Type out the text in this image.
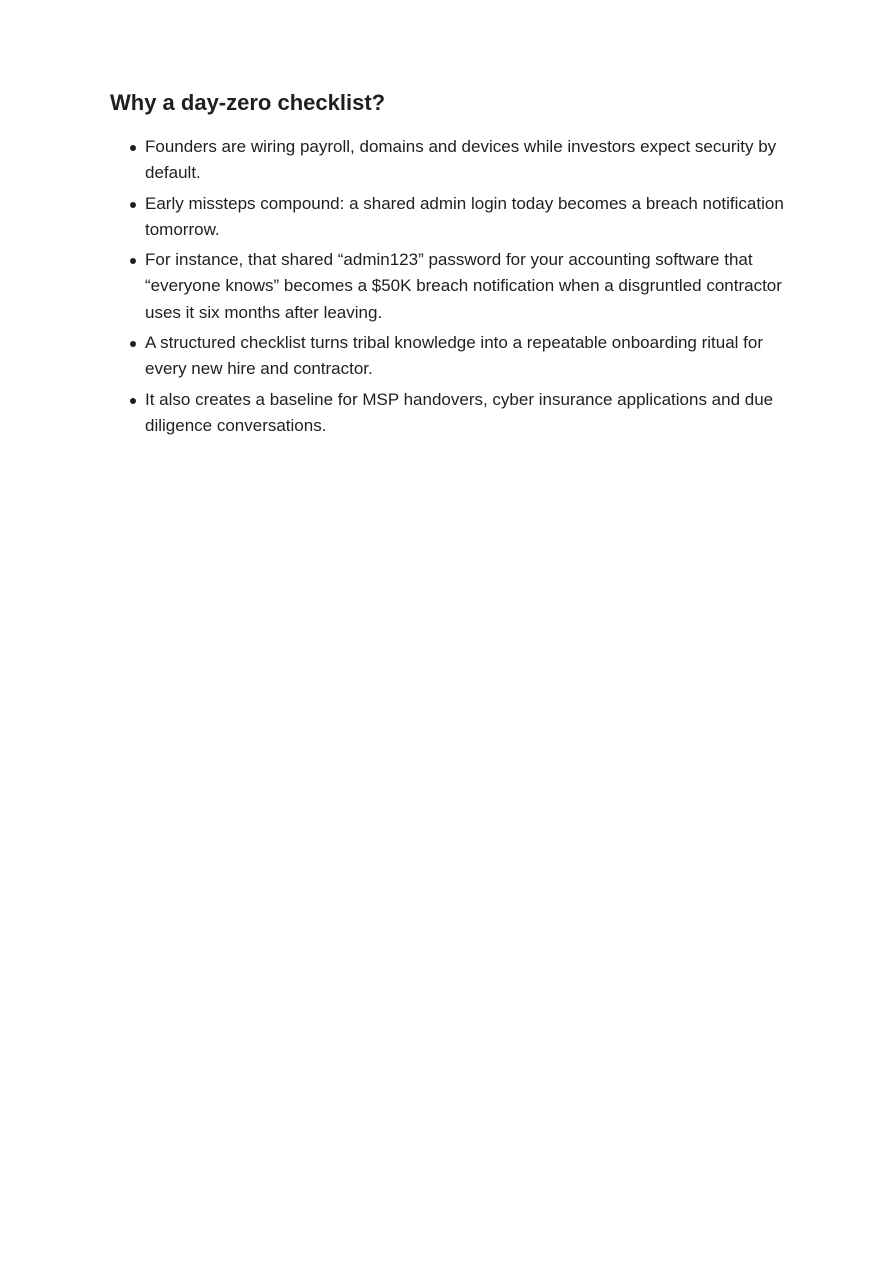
Why a day-zero checklist?
Founders are wiring payroll, domains and devices while investors expect security by default.
Early missteps compound: a shared admin login today becomes a breach notification tomorrow.
For instance, that shared “admin123” password for your accounting software that “everyone knows” becomes a $50K breach notification when a disgruntled contractor uses it six months after leaving.
A structured checklist turns tribal knowledge into a repeatable onboarding ritual for every new hire and contractor.
It also creates a baseline for MSP handovers, cyber insurance applications and due diligence conversations.
